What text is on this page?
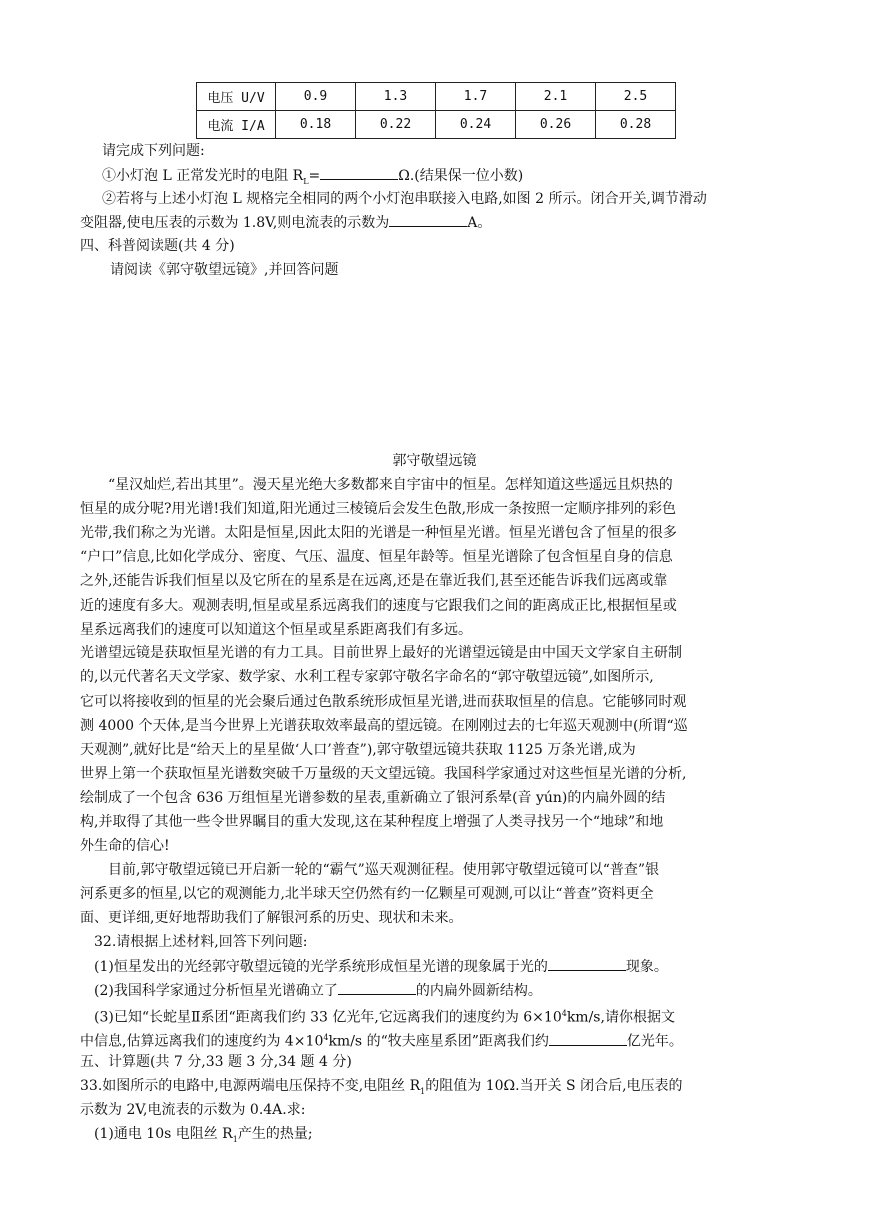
电压 U/V	0.9	1.3	1.7	2.1	2.5
电流 I/A	0.18	0.22	0.24	0.26	0.28
请完成下列问题:
①小灯泡 L 正常发光时的电阻 $R_L=$	Ω.(结果保一位小数)
②若将与上述小灯泡 L 规格完全相同的两个小灯泡串联接入电路,如图 2 所示。闭合开关,调节滑动
变阻器,使电压表的示数为 1.8V,则电流表的示数为	A。
四、科普阅读题(共 4 分)
请阅读《郭守敬望远镜》,并回答问题
郭守敬望远镜
“星汉灿烂,若出其里”。漫天星光绝大多数都来自宇宙中的恒星。怎样知道这些遥远且炽热的
恒星的成分呢?用光谱!我们知道,阳光通过三棱镜后会发生色散,形成一条按照一定顺序排列的彩色
光带,我们称之为光谱。太阳是恒星,因此太阳的光谱是一种恒星光谱。恒星光谱包含了恒星的很多
“户口”信息,比如化学成分、密度、气压、温度、恒星年龄等。恒星光谱除了包含恒星自身的信息
之外,还能告诉我们恒星以及它所在的星系是在远离,还是在靠近我们,甚至还能告诉我们远离或靠
近的速度有多大。观测表明,恒星或星系远离我们的速度与它跟我们之间的距离成正比,根据恒星或
星系远离我们的速度可以知道这个恒星或星系距离我们有多远。
光谱望远镜是获取恒星光谱的有力工具。目前世界上最好的光谱望远镜是由中国天文学家自主研制
的,以元代著名天文学家、数学家、水利工程专家郭守敬名字命名的“郭守敬望远镜”,如图所示,
它可以将接收到的恒星的光会聚后通过色散系统形成恒星光谱,进而获取恒星的信息。它能够同时观
测 4000 个天体,是当今世界上光谱获取效率最高的望远镜。在刚刚过去的七年巡天观测中(所谓“巡
天观测”,就好比是“给天上的星星做‘人口’普查”),郭守敬望远镜共获取 1125 万条光谱,成为
世界上第一个获取恒星光谱数突破千万量级的天文望远镜。我国科学家通过对这些恒星光谱的分析,
绘制成了一个包含 636 万组恒星光谱参数的星表,重新确立了银河系晕(音 yún)的内扁外圆的结
构,并取得了其他一些令世界瞩目的重大发现,这在某种程度上增强了人类寻找另一个“地球”和地
外生命的信心!
目前,郭守敬望远镜已开启新一轮的“霸气”巡天观测征程。使用郭守敬望远镜可以“普查”银
河系更多的恒星,以它的观测能力,北半球天空仍然有约一亿颗星可观测,可以让“普查”资料更全
面、更详细,更好地帮助我们了解银河系的历史、现状和未来。
32.请根据上述材料,回答下列问题:
(1)恒星发出的光经郭守敬望远镜的光学系统形成恒星光谱的现象属于光的	现象。
(2)我国科学家通过分析恒星光谱确立了	的内扁外圆新结构。
(3)已知“长蛇星Ⅱ系团“距离我们约 33 亿光年,它远离我们的速度约为 $6\times 10^4km/s$,请你根据文
中信息,估算远离我们的速度约为 $4\times 10^4km/s$ 的“牧夫座星系团”距离我们约	亿光年。
五、计算题(共 7 分,33 题 3 分,34 题 4 分)
33.如图所示的电路中,电源两端电压保持不变,电阻丝 $R_1$的阻值为 10Ω.当开关 S 闭合后,电压表的
示数为 2V,电流表的示数为 0.4A.求:
(1)通电 10s 电阻丝 $R_1$产生的热量;
